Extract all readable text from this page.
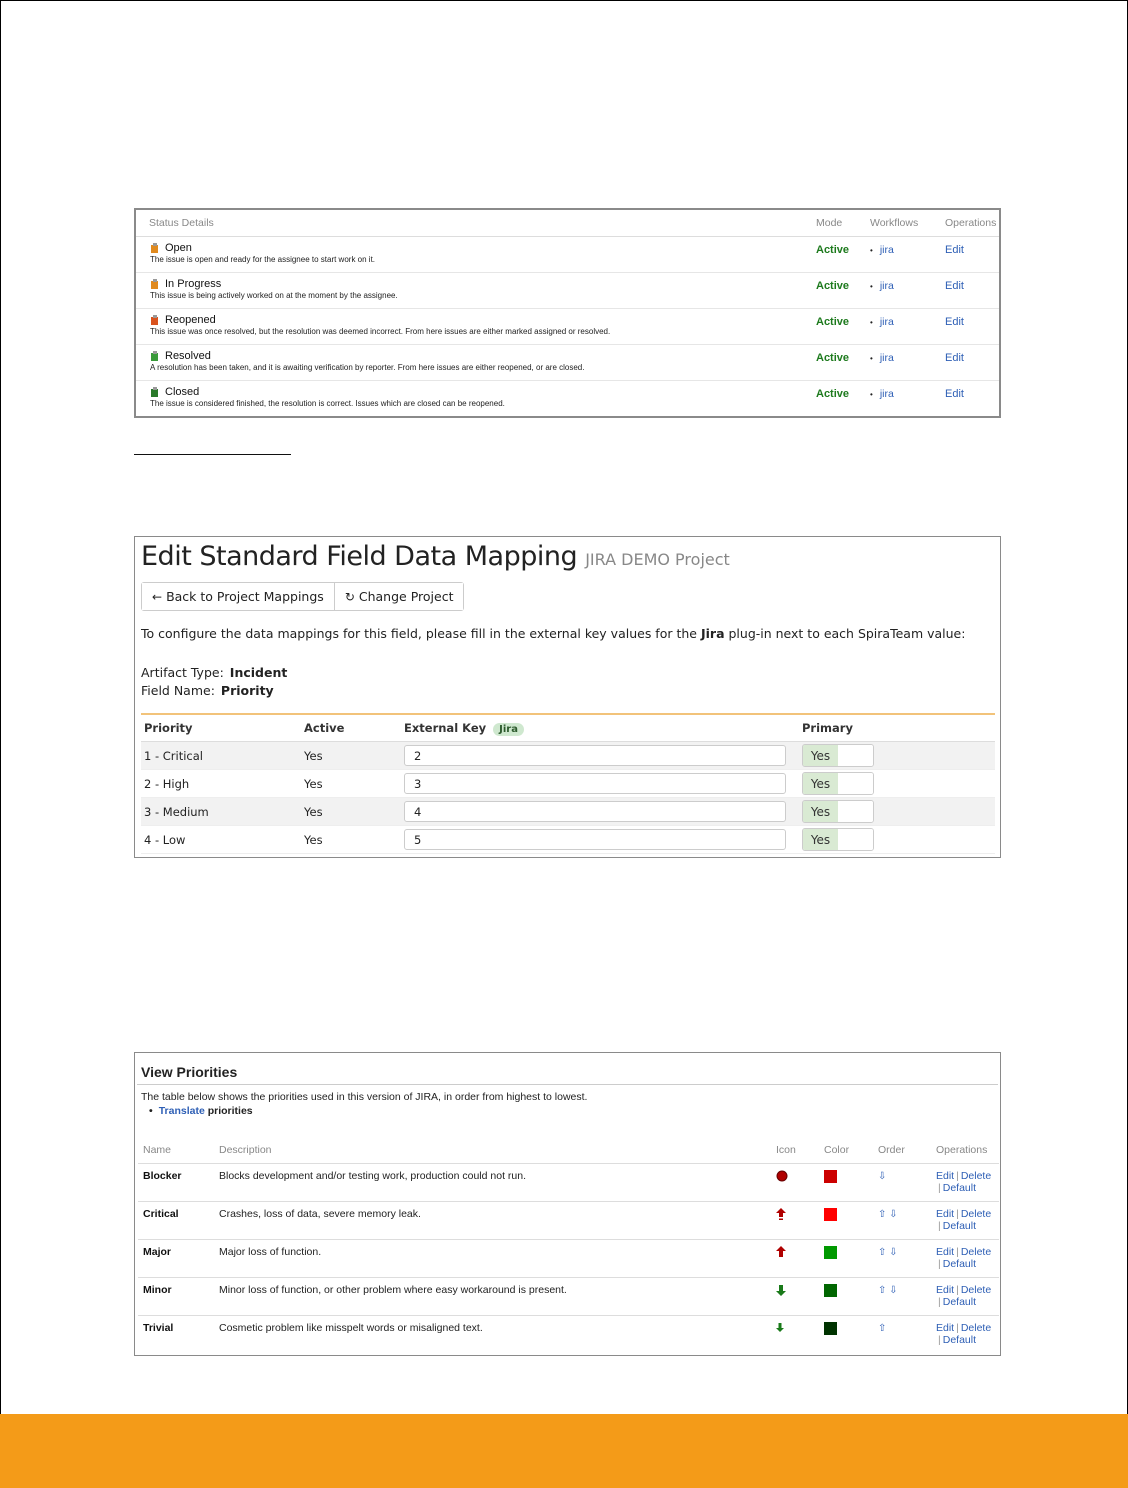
Status Details	Mode	Workflows	Operations

Open
The issue is open and ready for the assignee to start work on it.	Active	• jira	Edit

In Progress
This issue is being actively worked on at the moment by the assignee.	Active	• jira	Edit

Reopened
This issue was once resolved, but the resolution was deemed incorrect. From here issues are either marked assigned or resolved.	Active	• jira	Edit

Resolved
A resolution has been taken, and it is awaiting verification by reporter. From here issues are either reopened, or are closed.	Active	• jira	Edit

Closed
The issue is considered finished, the resolution is correct. Issues which are closed can be reopened.	Active	• jira	Edit
Edit Standard Field Data Mapping JIRA DEMO Project
← Back to Project Mappings ↻ Change Project
To configure the data mappings for this field, please fill in the external key values for the Jira plug-in next to each SpiraTeam value:
Artifact Type: Incident
Field Name: Priority
Priority	Active	External Key Jira	Primary
1 - Critical	Yes	2	Yes

2 - High	Yes	3	Yes

3 - Medium	Yes	4	Yes

4 - Low	Yes	5	Yes
View Priorities
The table below shows the priorities used in this version of JIRA, in order from highest to lowest.
• Translate priorities
Name	Description	Icon	Color	Order	Operations
Blocker	Blocks development and/or testing work, production could not run.			⇩	Edit | Delete
| Default
Critical	Crashes, loss of data, severe memory leak.			⇧ ⇩	Edit | Delete
| Default
Major	Major loss of function.			⇧ ⇩	Edit | Delete
| Default
Minor	Minor loss of function, or other problem where easy workaround is present.			⇧ ⇩	Edit | Delete
| Default
Trivial	Cosmetic problem like misspelt words or misaligned text.			⇧	Edit | Delete
| Default
